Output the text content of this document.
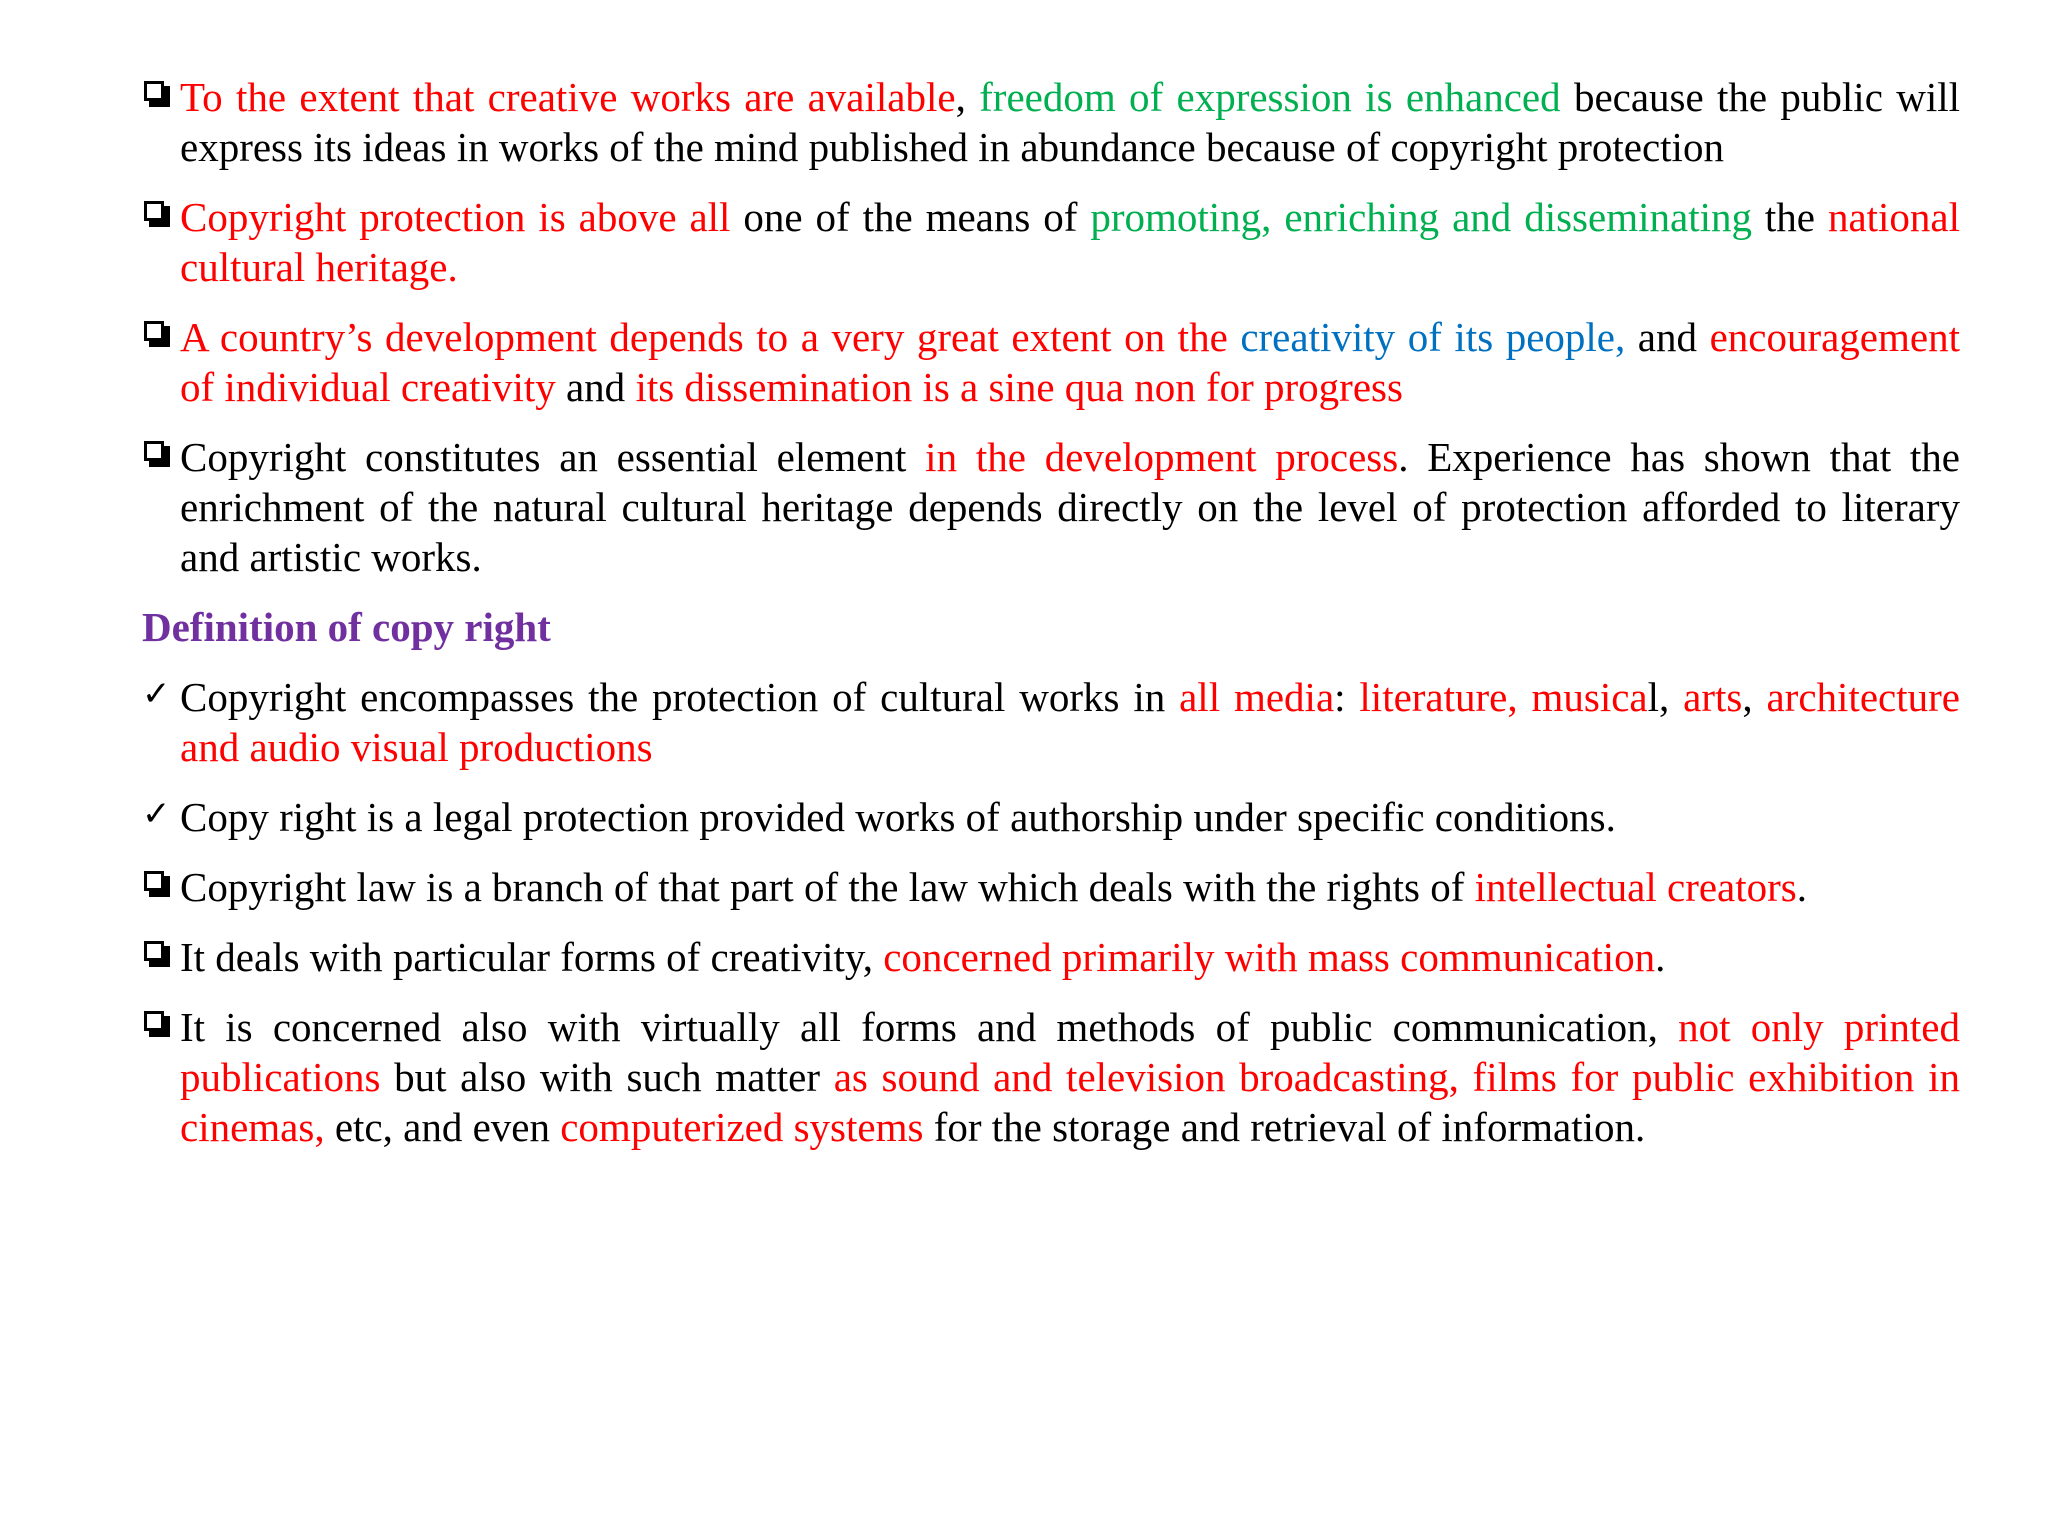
To the extent that creative works are available, freedom of expression is enhanced because the public will express its ideas in works of the mind published in abundance because of copyright protection
Copyright protection is above all one of the means of promoting, enriching and disseminating the national cultural heritage.
A country’s development depends to a very great extent on the creativity of its people, and encouragement of individual creativity and its dissemination is a sine qua non for progress
Copyright constitutes an essential element in the development process. Experience has shown that the enrichment of the natural cultural heritage depends directly on the level of protection afforded to literary and artistic works.
Definition of copy right
✓ Copyright encompasses the protection of cultural works in all media: literature, musical, arts, architecture and audio visual productions
✓ Copy right is a legal protection provided works of authorship under specific conditions.
Copyright law is a branch of that part of the law which deals with the rights of intellectual creators.
It deals with particular forms of creativity, concerned primarily with mass communication.
It is concerned also with virtually all forms and methods of public communication, not only printed publications but also with such matter as sound and television broadcasting, films for public exhibition in cinemas, etc, and even computerized systems for the storage and retrieval of information.
